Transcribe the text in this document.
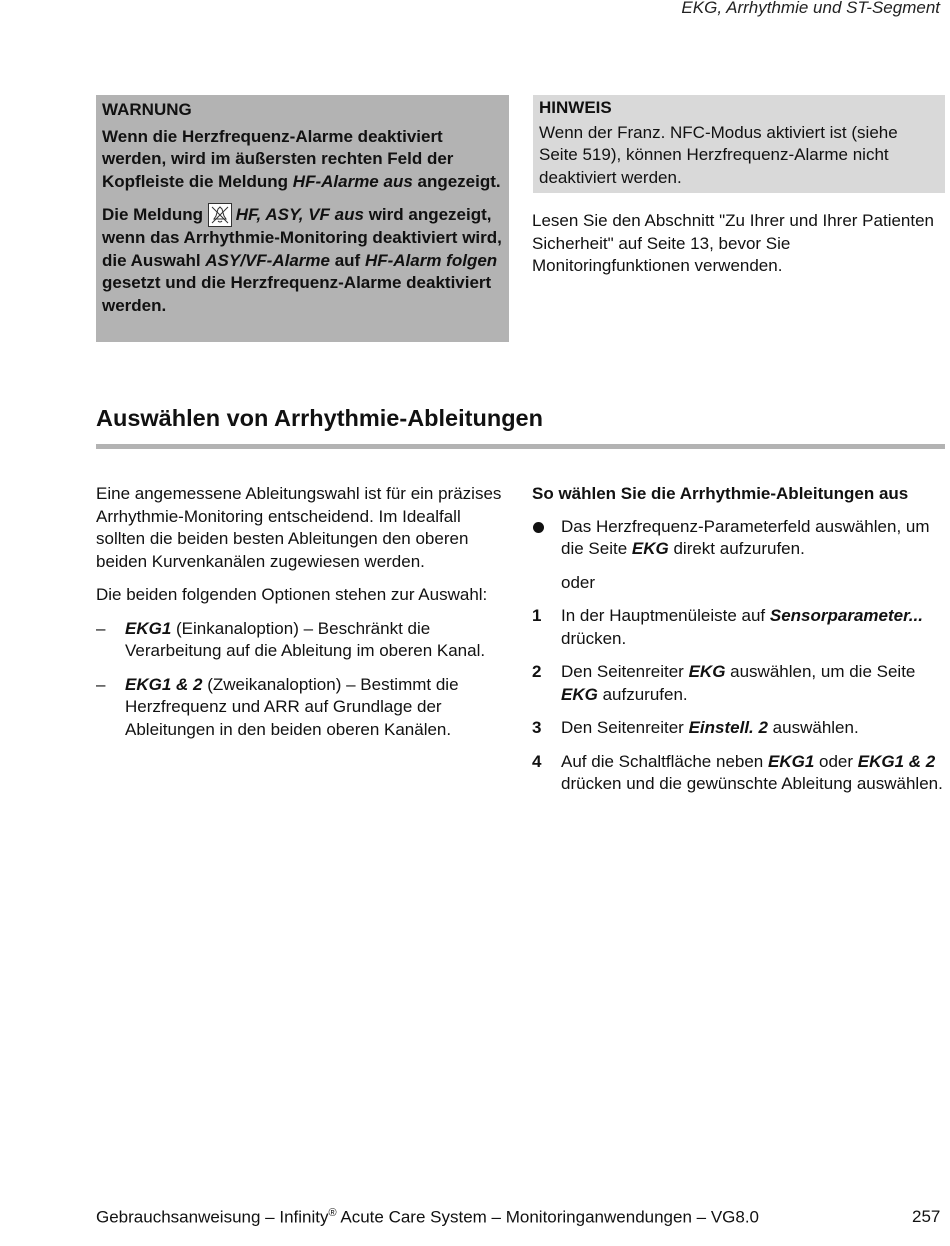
EKG, Arrhythmie und ST-Segment

WARNUNG

Wenn die Herzfrequenz-Alarme deaktiviert werden, wird im äußersten rechten Feld der Kopfleiste die Meldung HF-Alarme aus angezeigt.

Die Meldung HF, ASY, VF aus wird angezeigt, wenn das Arrhythmie-Monitoring deaktiviert wird, die Auswahl ASY/VF-Alarme auf HF-Alarm folgen gesetzt und die Herzfrequenz-Alarme deaktiviert werden.

HINWEIS
Wenn der Franz. NFC-Modus aktiviert ist (siehe Seite 519), können Herzfrequenz-Alarme nicht deaktiviert werden.
Lesen Sie den Abschnitt "Zu Ihrer und Ihrer Patienten Sicherheit" auf Seite 13, bevor Sie Monitoringfunktionen verwenden.
Auswählen von Arrhythmie-Ableitungen

Eine angemessene Ableitungswahl ist für ein präzises Arrhythmie-Monitoring entscheidend. Im Idealfall sollten die beiden besten Ableitungen den oberen beiden Kurvenkanälen zugewiesen werden.

Die beiden folgenden Optionen stehen zur Auswahl:

– EKG1 (Einkanaloption) – Beschränkt die Verarbeitung auf die Ableitung im oberen Kanal.
– EKG1 & 2 (Zweikanaloption) – Bestimmt die Herzfrequenz und ARR auf Grundlage der Ableitungen in den beiden oberen Kanälen.
So wählen Sie die Arrhythmie-Ableitungen aus
Das Herzfrequenz-Parameterfeld auswählen, um die Seite EKG direkt aufzurufen.
oder
1 In der Hauptmenüleiste auf Sensorparameter... drücken.
2 Den Seitenreiter EKG auswählen, um die Seite EKG aufzurufen.
3 Den Seitenreiter Einstell. 2 auswählen.
4 Auf die Schaltfläche neben EKG1 oder EKG1 & 2 drücken und die gewünschte Ableitung auswählen.
Gebrauchsanweisung – Infinity® Acute Care System – Monitoringanwendungen – VG8.0	257
